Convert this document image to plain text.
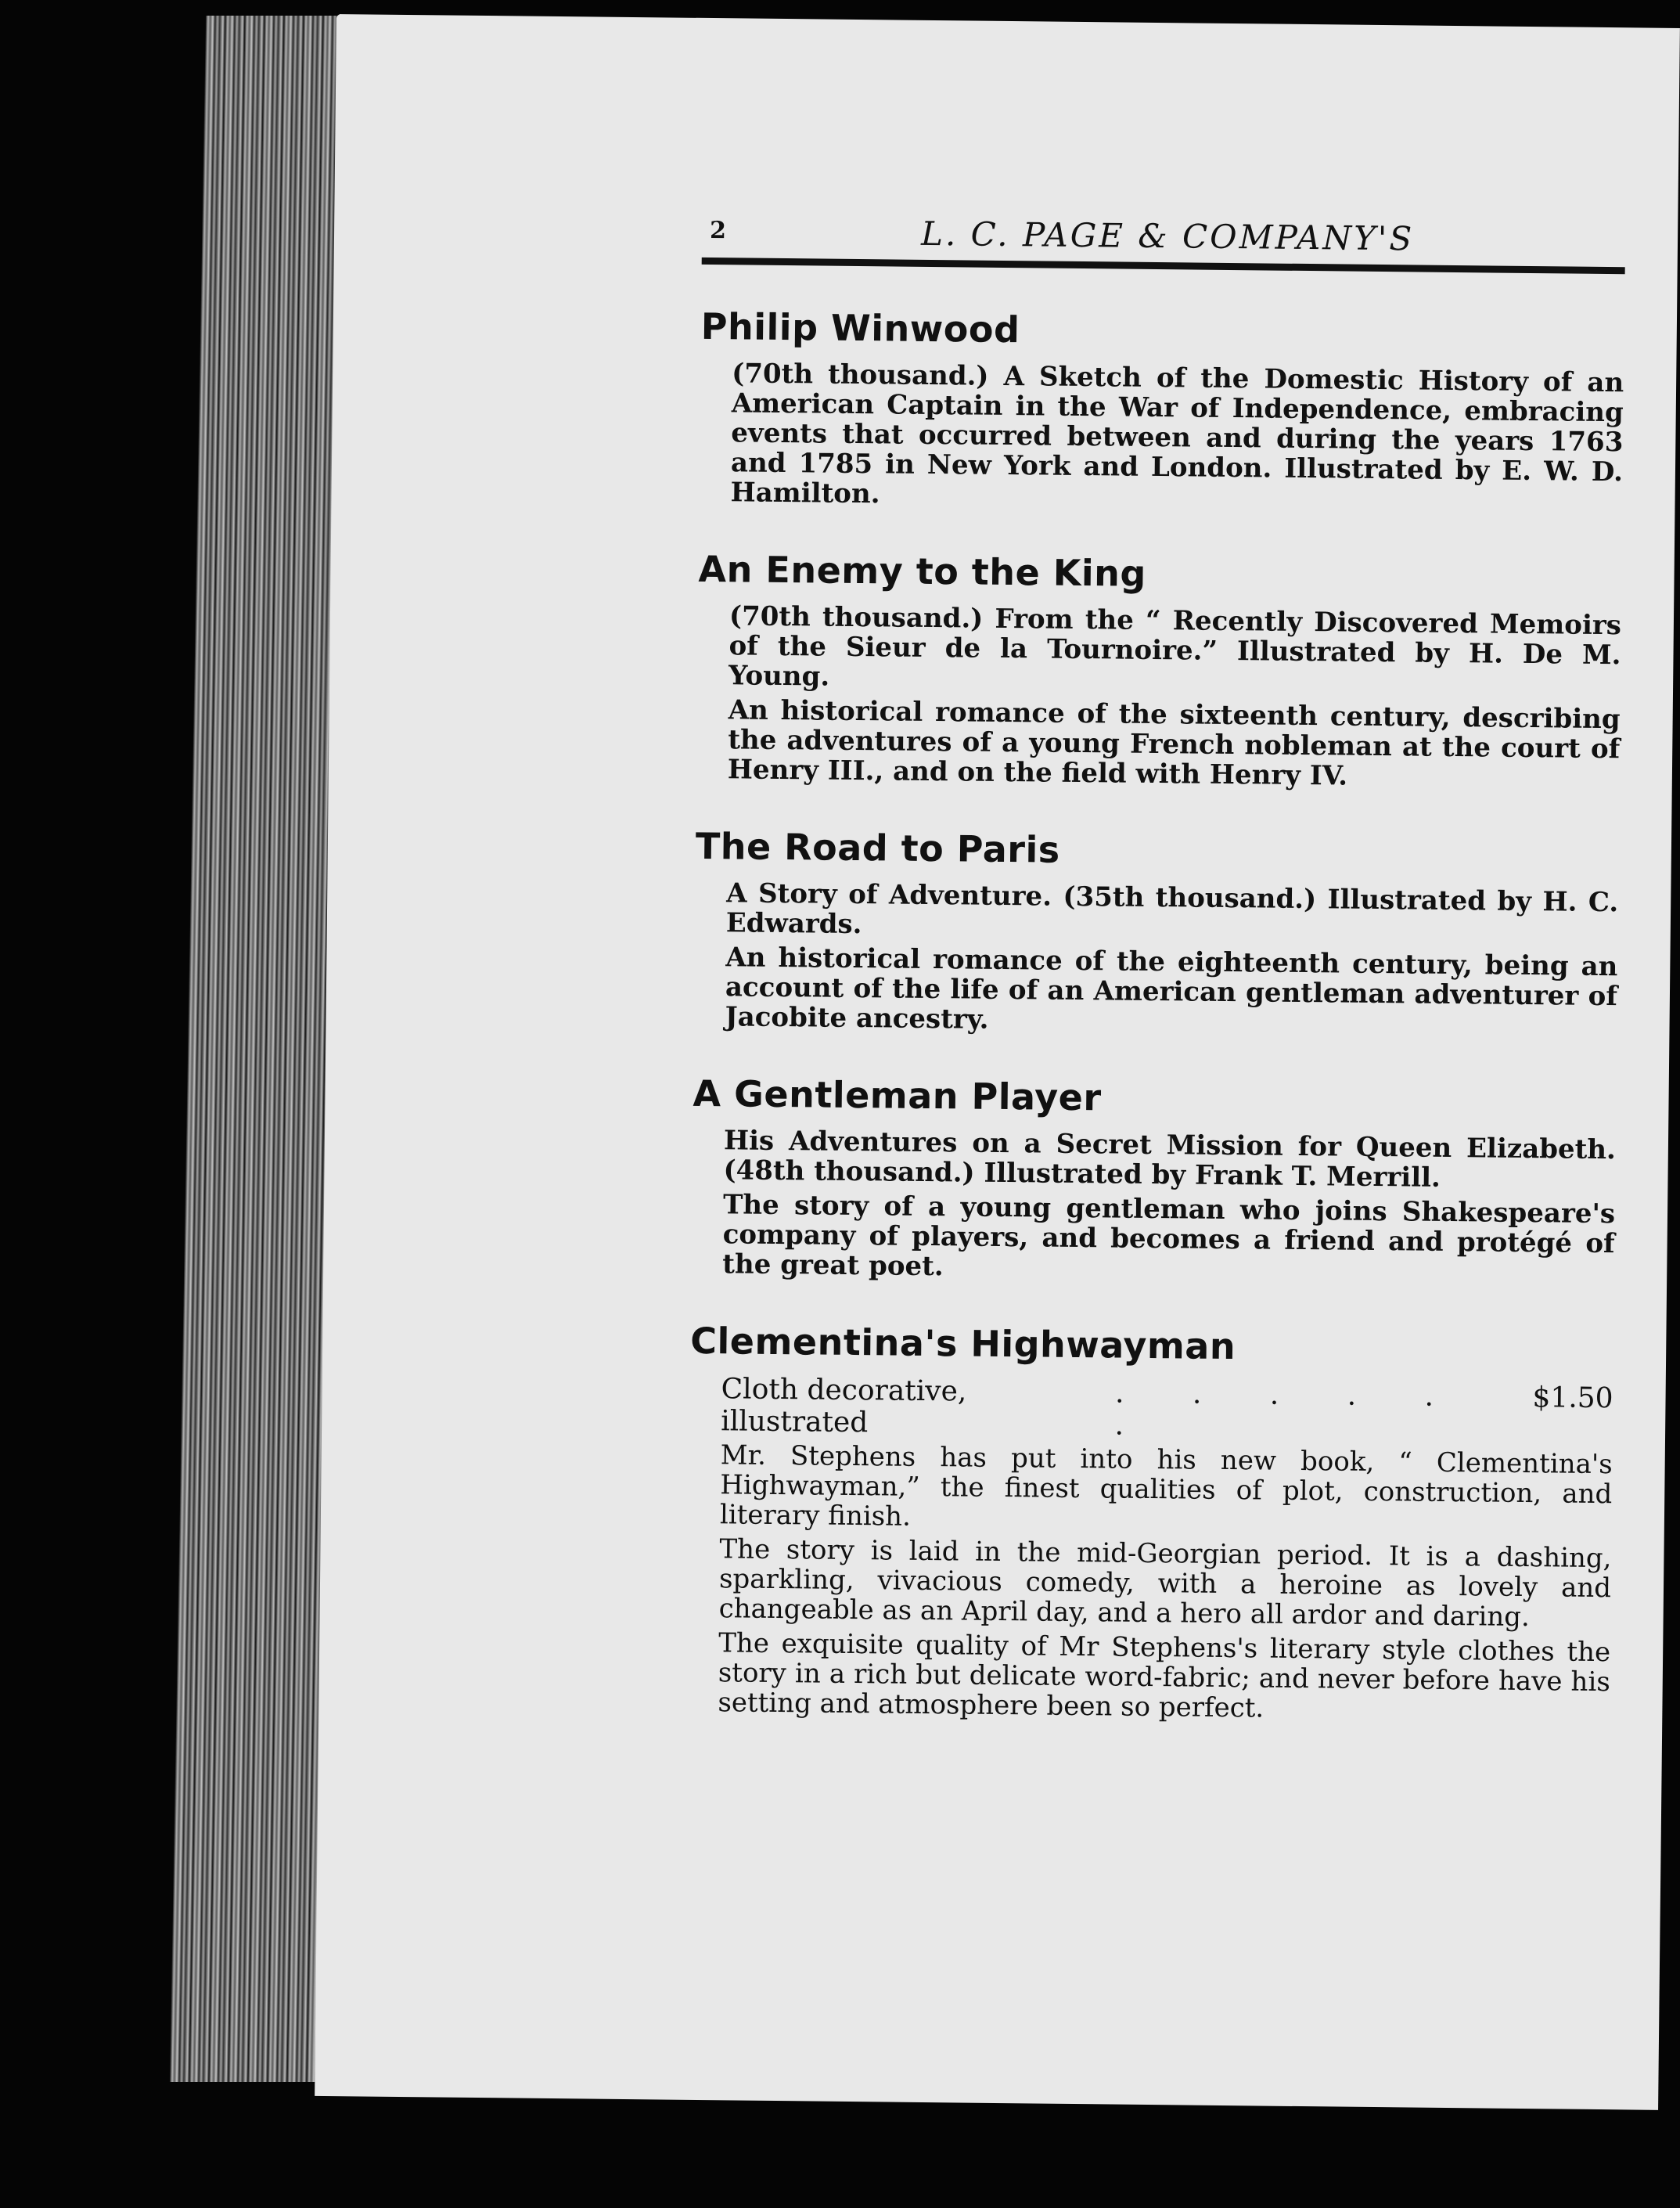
2	L. C. PAGE & COMPANY'S
Philip Winwood

(70th thousand.) A Sketch of the Domestic History of an American Captain in the War of Independence, embracing events that occurred between and during the years 1763 and 1785 in New York and London. Illustrated by E. W. D. Hamilton.

An Enemy to the King

(70th thousand.) From the “ Recently Discovered Memoirs of the Sieur de la Tournoire.” Illustrated by H. De M. Young.

An historical romance of the sixteenth century, describing the adventures of a young French nobleman at the court of Henry III., and on the field with Henry IV.

The Road to Paris

A Story of Adventure. (35th thousand.) Illustrated by H. C. Edwards.

An historical romance of the eighteenth century, being an account of the life of an American gentleman adventurer of Jacobite ancestry.

A Gentleman Player

His Adventures on a Secret Mission for Queen Elizabeth. (48th thousand.) Illustrated by Frank T. Merrill.

The story of a young gentleman who joins Shakespeare's company of players, and becomes a friend and protégé of the great poet.

Clementina's Highwayman
Cloth decorative, illustrated
. . . . . .
$1.50

Mr. Stephens has put into his new book, “ Clementina's Highwayman,” the finest qualities of plot, construction, and literary finish.

The story is laid in the mid-Georgian period. It is a dashing, sparkling, vivacious comedy, with a heroine as lovely and changeable as an April day, and a hero all ardor and daring.

The exquisite quality of Mr Stephens's literary style clothes the story in a rich but delicate word-fabric; and never before have his setting and atmosphere been so perfect.
